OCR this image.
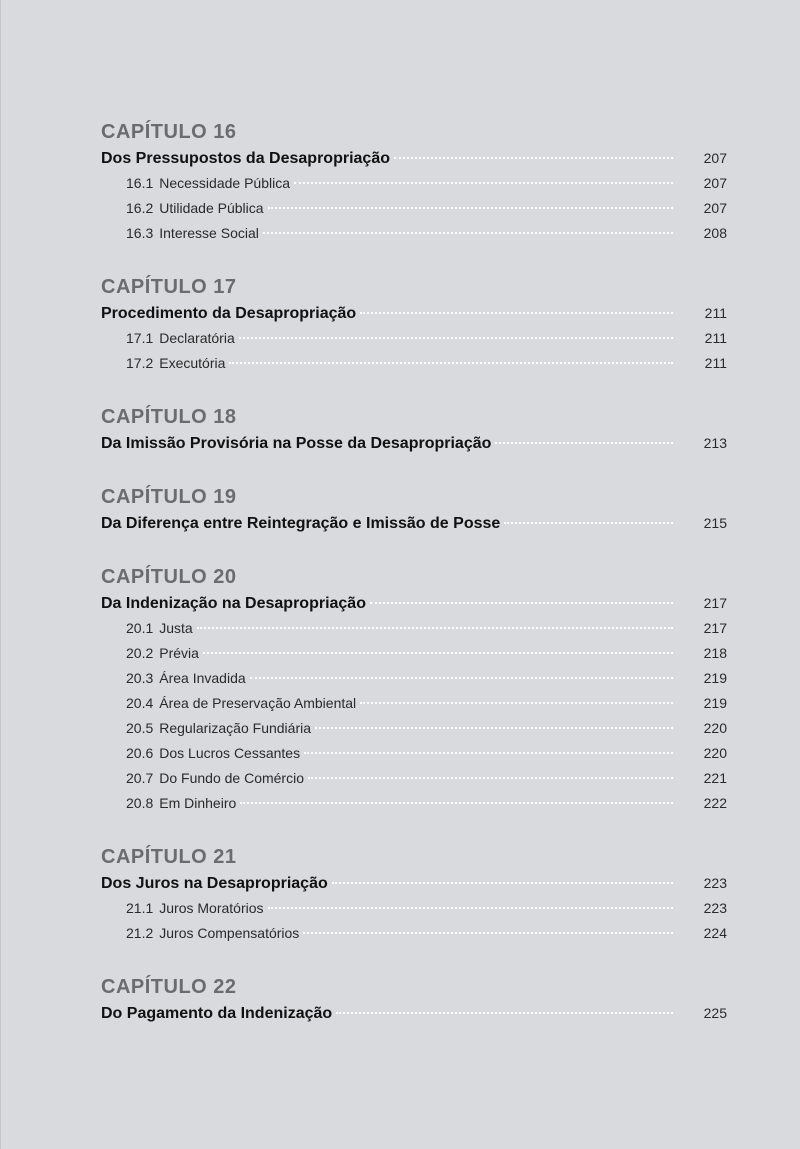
CAPÍTULO 16
Dos Pressupostos da Desapropriação	207
16.1 Necessidade Pública	207
16.2 Utilidade Pública	207
16.3 Interesse Social	208
CAPÍTULO 17
Procedimento da Desapropriação	211
17.1 Declaratória	211
17.2 Executória	211
CAPÍTULO 18
Da Imissão Provisória na Posse da Desapropriação	213
CAPÍTULO 19
Da Diferença entre Reintegração e Imissão de Posse	215
CAPÍTULO 20
Da Indenização na Desapropriação	217
20.1 Justa	217
20.2 Prévia	218
20.3 Área Invadida	219
20.4 Área de Preservação Ambiental	219
20.5 Regularização Fundiária	220
20.6 Dos Lucros Cessantes	220
20.7 Do Fundo de Comércio	221
20.8 Em Dinheiro	222
CAPÍTULO 21
Dos Juros na Desapropriação	223
21.1 Juros Moratórios	223
21.2 Juros Compensatórios	224
CAPÍTULO 22
Do Pagamento da Indenização	225
